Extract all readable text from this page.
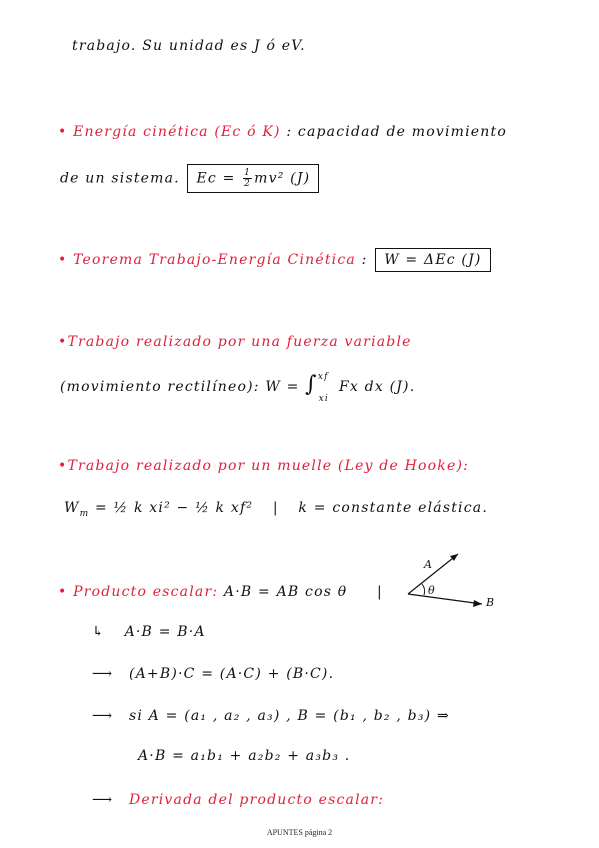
trabajo. Su unidad es J ó eV.
• Energía cinética (Ec ó K) : capacidad de movimiento
de un sistema. $Ec = \frac{1}{2} mv^2$ (J)
• Teorema Trabajo-Energía Cinética : W = ΔEc (J)
•Trabajo realizado por una fuerza variable
(movimiento rectilíneo): W = ∫$^{xf}_{xi}$Fx dx (J).
•Trabajo realizado por un muelle (Ley de Hooke):
$W_m$ = ½ k xi² − ½ k xf² | k = constante elástica.
• Producto escalar: A·B = AB cos θ |
A
θ
B
↳ A·B = B·A
⟶ (A+B)·C = (A·C) + (B·C).
⟶ si A = (a₁ , a₂ , a₃) , B = (b₁ , b₂ , b₃) ⇒
A·B = a₁b₁ + a₂b₂ + a₃b₃ .
⟶ Derivada del producto escalar:
APUNTES página 2
